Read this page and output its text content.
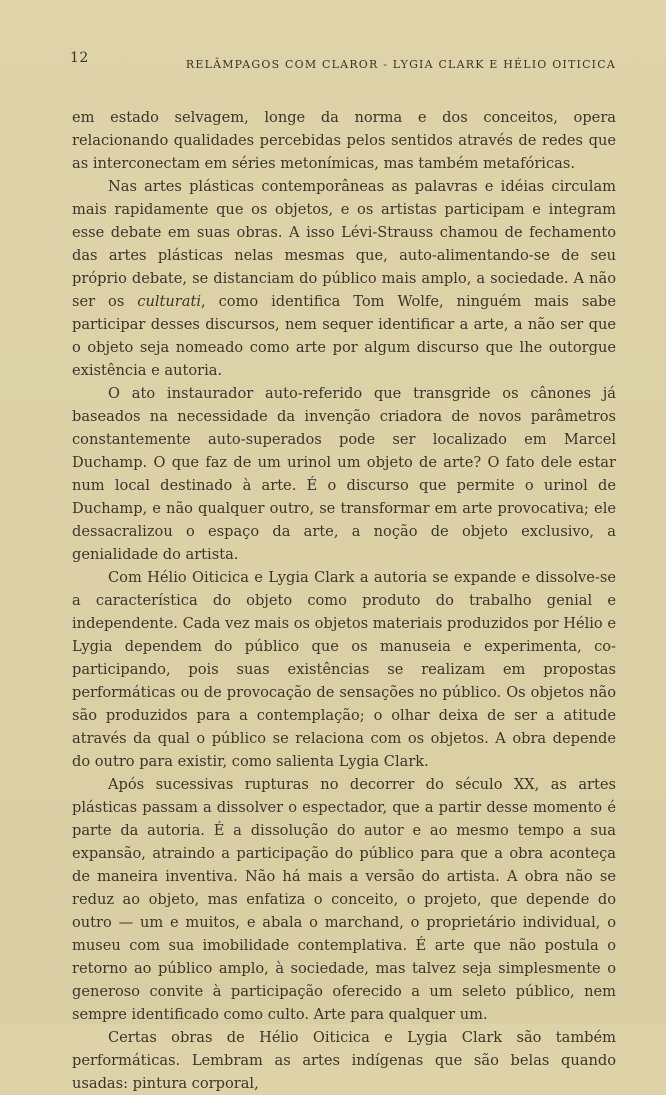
12	RELÂMPAGOS COM CLAROR - LYGIA CLARK E HÉLIO OITICICA

em estado selvagem, longe da norma e dos conceitos, opera relacionando qualidades percebidas pelos sentidos através de redes que as interconectam em séries metonímicas, mas também metafóricas.

Nas artes plásticas contemporâneas as palavras e idéias circulam mais rapidamente que os objetos, e os artistas participam e integram esse debate em suas obras. A isso Lévi-Strauss chamou de fechamento das artes plásticas nelas mesmas que, auto-alimentando-se de seu próprio debate, se distanciam do público mais amplo, a sociedade. A não ser os culturati, como identifica Tom Wolfe, ninguém mais sabe participar desses discursos, nem sequer identificar a arte, a não ser que o objeto seja nomeado como arte por algum discurso que lhe outorgue existência e autoria.

O ato instaurador auto-referido que transgride os cânones já baseados na necessidade da invenção criadora de novos parâmetros constantemente auto-superados pode ser localizado em Marcel Duchamp. O que faz de um urinol um objeto de arte? O fato dele estar num local destinado à arte. É o discurso que permite o urinol de Duchamp, e não qualquer outro, se transformar em arte provocativa; ele dessacralizou o espaço da arte, a noção de objeto exclusivo, a genialidade do artista.

Com Hélio Oiticica e Lygia Clark a autoria se expande e dissolve-se a característica do objeto como produto do trabalho genial e independente. Cada vez mais os objetos materiais produzidos por Hélio e Lygia dependem do público que os manuseia e experimenta, co-participando, pois suas existências se realizam em propostas performáticas ou de provocação de sensações no público. Os objetos não são produzidos para a contemplação; o olhar deixa de ser a atitude através da qual o público se relaciona com os objetos. A obra depende do outro para existir, como salienta Lygia Clark.

Após sucessivas rupturas no decorrer do século XX, as artes plásticas passam a dissolver o espectador, que a partir desse momento é parte da autoria. É a dissolução do autor e ao mesmo tempo a sua expansão, atraindo a participação do público para que a obra aconteça de maneira inventiva. Não há mais a versão do artista. A obra não se reduz ao objeto, mas enfatiza o conceito, o projeto, que depende do outro — um e muitos, e abala o marchand, o proprietário individual, o museu com sua imobilidade contemplativa. É arte que não postula o retorno ao público amplo, à sociedade, mas talvez seja simplesmente o generoso convite à participação oferecido a um seleto público, nem sempre identificado como culto. Arte para qualquer um.

Certas obras de Hélio Oiticica e Lygia Clark são também performáticas. Lembram as artes indígenas que são belas quando usadas: pintura corporal,
